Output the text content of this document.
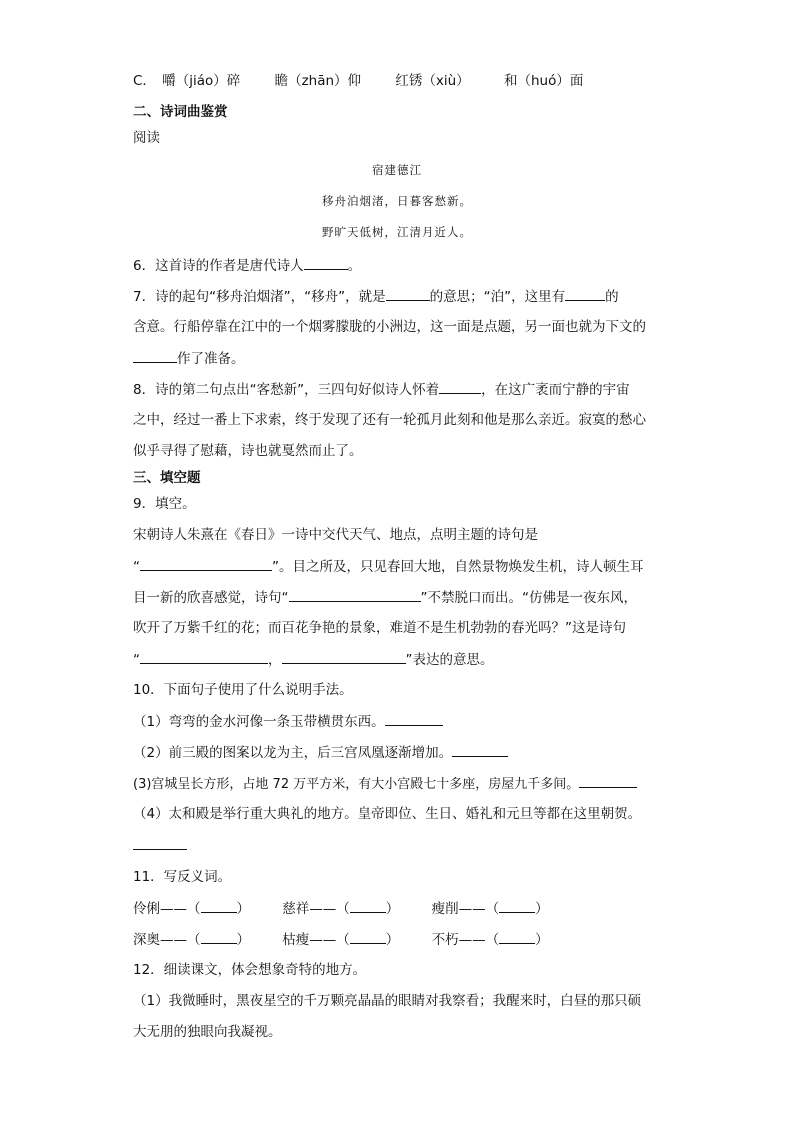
C． 嚼（jiáo）碎	瞻（zhān）仰	红锈（xiù）	和（huó）面
二、诗词曲鉴赏
阅读
宿建德江
移舟泊烟渚，日暮客愁新。
野旷天低树，江清月近人。
6．这首诗的作者是唐代诗人	。
7．诗的起句“移舟泊烟渚”，“移舟”，就是	的意思；“泊”，这里有	的
含意。行船停靠在江中的一个烟雾朦胧的小洲边，这一面是点题，另一面也就为下文的
作了准备。
8．诗的第二句点出“客愁新”，三四句好似诗人怀着	，在这广袤而宁静的宇宙
之中，经过一番上下求索，终于发现了还有一轮孤月此刻和他是那么亲近。寂寞的愁心
似乎寻得了慰藉，诗也就戛然而止了。
三、填空题
9．填空。
宋朝诗人朱熹在《春日》一诗中交代天气、地点，点明主题的诗句是
“	”。目之所及，只见春回大地，自然景物焕发生机，诗人顿生耳
目一新的欣喜感觉，诗句“	”不禁脱口而出。“仿佛是一夜东风，
吹开了万紫千红的花；而百花争艳的景象，难道不是生机勃勃的春光吗？”这是诗句
“	，	”表达的意思。
10．下面句子使用了什么说明手法。
（1）弯弯的金水河像一条玉带横贯东西。
（2）前三殿的图案以龙为主，后三宫凤凰逐渐增加。
(3)宫城呈长方形，占地 72 万平方米，有大小宫殿七十多座，房屋九千多间。
（4）太和殿是举行重大典礼的地方。皇帝即位、生日、婚礼和元旦等都在这里朝贺。
11．写反义词。
伶俐——（	） 慈祥——（	） 瘦削——（	）
深奥——（	） 枯瘦——（	） 不朽——（	）
12．细读课文，体会想象奇特的地方。
（1）我微睡时，黑夜星空的千万颗亮晶晶的眼睛对我察看；我醒来时，白昼的那只硕
大无朋的独眼向我凝视。
